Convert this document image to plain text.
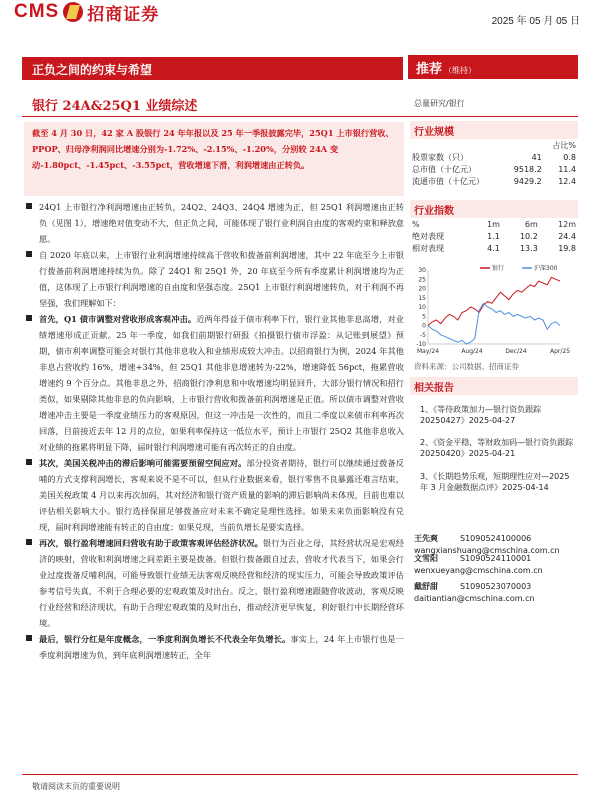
CMS 招商证券	2025 年 05 月 05 日
正负之间的约束与希望	推荐 （维持）
银行 24A&25Q1 业绩综述	总量研究/银行
截至 4 月 30 日，42 家 A 股银行 24 年年报以及 25 年一季报披露完毕，25Q1 上市银行营收、PPOP、归母净利润同比增速分别为-1.72%、-2.15%、-1.20%，分别较 24A 变动-1.80pct、-1.45pct、-3.55pct，营收增速下滑，利润增速由正转负。

24Q1 上市银行净利润增速由正转负，24Q2、24Q3、24Q4 增速为正，但 25Q1 利润增速由正转负（见图 1），增速绝对值变动不大，但正负之间，可能体现了银行业利润自由度的客观约束和释放意愿。

自 2020 年底以来，上市银行业利润增速持续高于营收和拨备前利润增速，其中 22 年底至今上市银行拨备前利润增速持续为负。除了 24Q1 和 25Q1 外，20 年底至今所有季度累计利润增速均为正值，这体现了上市银行利润增速的自由度和坚强态度。25Q1 上市银行利润增速转负，对于利润不再坚强，我们理解如下：

首先，Q1 债市调整对营收形成客观冲击。近两年得益于债市利率下行，银行业其他非息高增，对业绩增速形成正贡献。25 年一季度，如我们前期银行研报《拍摄银行债市浮盈：从记账到展望》预期，债市利率调整可能会对银行其他非息收入和业绩形成较大冲击。以招商银行为例，2024 年其他非息占营收约 16%，增速+34%，但 25Q1 其他非息增速转为-22%，增速降低 56pct，拖累营收增速约 9 个百分点。其他非息之外，招商银行净利息和中收增速均明显回升，大部分银行情况和招行类似，如果剔除其他非息的负向影响，上市银行营收和拨备前利润增速是正值。所以债市调整对营收增速冲击主要是一季度业绩压力的客观原因，但这一冲击是一次性的，而且二季度以来债市利率再次回落，目前接近去年 12 月的点位，如果利率保持这一低位水平，预计上市银行 25Q2 其他非息收入对业绩的拖累将明显下降，届时银行利润增速可能有再次转正的自由度。

其次，美国关税冲击的滞后影响可能需要预留空间应对。部分投资者期待，银行可以继续通过拨备反哺的方式支撑利润增长，客观来说不是不可以，但从行业数据来看，银行零售不良暴露还难言结束，美国关税政策 4 月以来再次加码，其对经济和银行资产质量的影响的滞后影响尚未体现，目前也难以评估相关影响大小。银行选择保留足够拨备应对未来不确定是理性选择。如果未来负面影响没有兑现，届时利润增速能有转正的自由度；如果兑现，当前负增长是要实选择。

再次，银行盈利增速回归营收有助于政策客观评估经济状况。银行为百业之母，其经营状况是宏观经济的映射，营收和利润增速之间差距主要是拨备。但银行拨备跟自过去，营收才代表当下，如果会行业过度拨备反哺利润，可能导致银行业绩无法客观反映经营和经济的现实压力，可能会导致政策评估参考信号失真，不利于合理必要的宏观政策及时出台。反之，银行盈利增速跟随营收波动，客观反映行业经营和经济现状，有助于合理宏观政策的及时出台，推动经济更早恢复，利好银行中长期经营环境。

最后，银行分红是年度概念，一季度利润负增长不代表全年负增长。事实上，24 年上市银行也是一季度利润增速为负，到年底利润增速转正，全年

行业规模
		占比%
股票家数（只）	41	0.8
总市值（十亿元）	9518.2	11.4
流通市值（十亿元）	9429.2	12.4
行业指数
%	1m	6m	12m
绝对表现	1.1	10.2	24.4
相对表现	4.1	13.3	19.8
-10
-5
0
5
10
15
20
25
30
May/24	Aug/24	Dec/24	Apr/25
银行	沪深300
资料来源：公司数据、招商证券
相关报告
1、《等待政策加力—银行资负跟踪 20250427》2025-04-27
2、《资金平稳，等财政加码—银行资负跟踪 20250420》2025-04-21
3、《长期趋势乐观，短期理性应对—2025 年 3 月金融数据点评》2025-04-14
王先爽	S1090524100006
wangxianshuang@cmschina.com.cn
文雪阳	S1090524110001
wenxueyang@cmschina.com.cn
戴舒甜	S1090523070003
daitiantian@cmschina.com.cn
敬请阅读末页的重要说明
